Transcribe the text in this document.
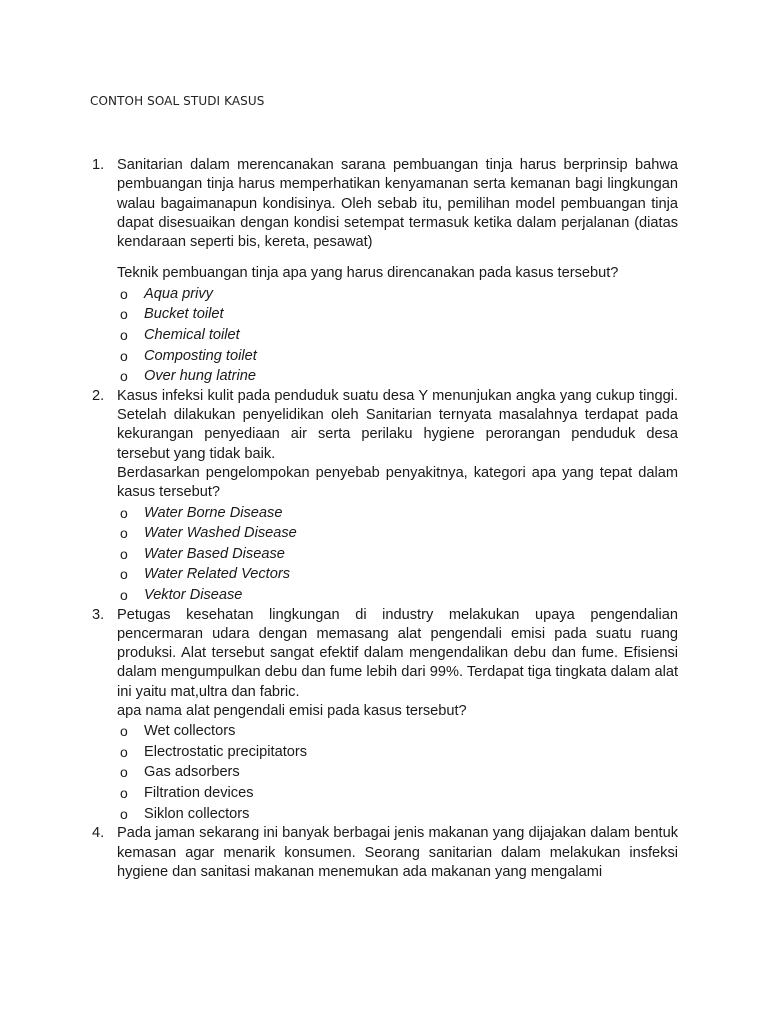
CONTOH SOAL STUDI KASUS
1. Sanitarian dalam merencanakan sarana pembuangan tinja harus berprinsip bahwa pembuangan tinja harus memperhatikan kenyamanan serta kemanan bagi lingkungan walau bagaimanapun kondisinya. Oleh sebab itu, pemilihan model pembuangan tinja dapat disesuaikan dengan kondisi setempat termasuk ketika dalam perjalanan (diatas kendaraan seperti bis, kereta, pesawat)

Teknik pembuangan tinja apa yang harus direncanakan pada kasus tersebut?

o Aqua privy
o Bucket toilet
o Chemical toilet
o Composting toilet
o Over hung latrine
2. Kasus infeksi kulit pada penduduk suatu desa Y menunjukan angka yang cukup tinggi. Setelah dilakukan penyelidikan oleh Sanitarian ternyata masalahnya terdapat pada kekurangan penyediaan air serta perilaku hygiene perorangan penduduk desa tersebut yang tidak baik.

Berdasarkan pengelompokan penyebab penyakitnya, kategori apa yang tepat dalam kasus tersebut?

o Water Borne Disease
o Water Washed Disease
o Water Based Disease
o Water Related Vectors
o Vektor Disease
3. Petugas kesehatan lingkungan di industry melakukan upaya pengendalian pencermaran udara dengan memasang alat pengendali emisi pada suatu ruang produksi. Alat tersebut sangat efektif dalam mengendalikan debu dan fume. Efisiensi dalam mengumpulkan debu dan fume lebih dari 99%. Terdapat tiga tingkata dalam alat ini yaitu mat,ultra dan fabric.

apa nama alat pengendali emisi pada kasus tersebut?

o Wet collectors
o Electrostatic precipitators
o Gas adsorbers
o Filtration devices
o Siklon collectors
4. Pada jaman sekarang ini banyak berbagai jenis makanan yang dijajakan dalam bentuk kemasan agar menarik konsumen. Seorang sanitarian dalam melakukan insfeksi hygiene dan sanitasi makanan menemukan ada makanan yang mengalami
